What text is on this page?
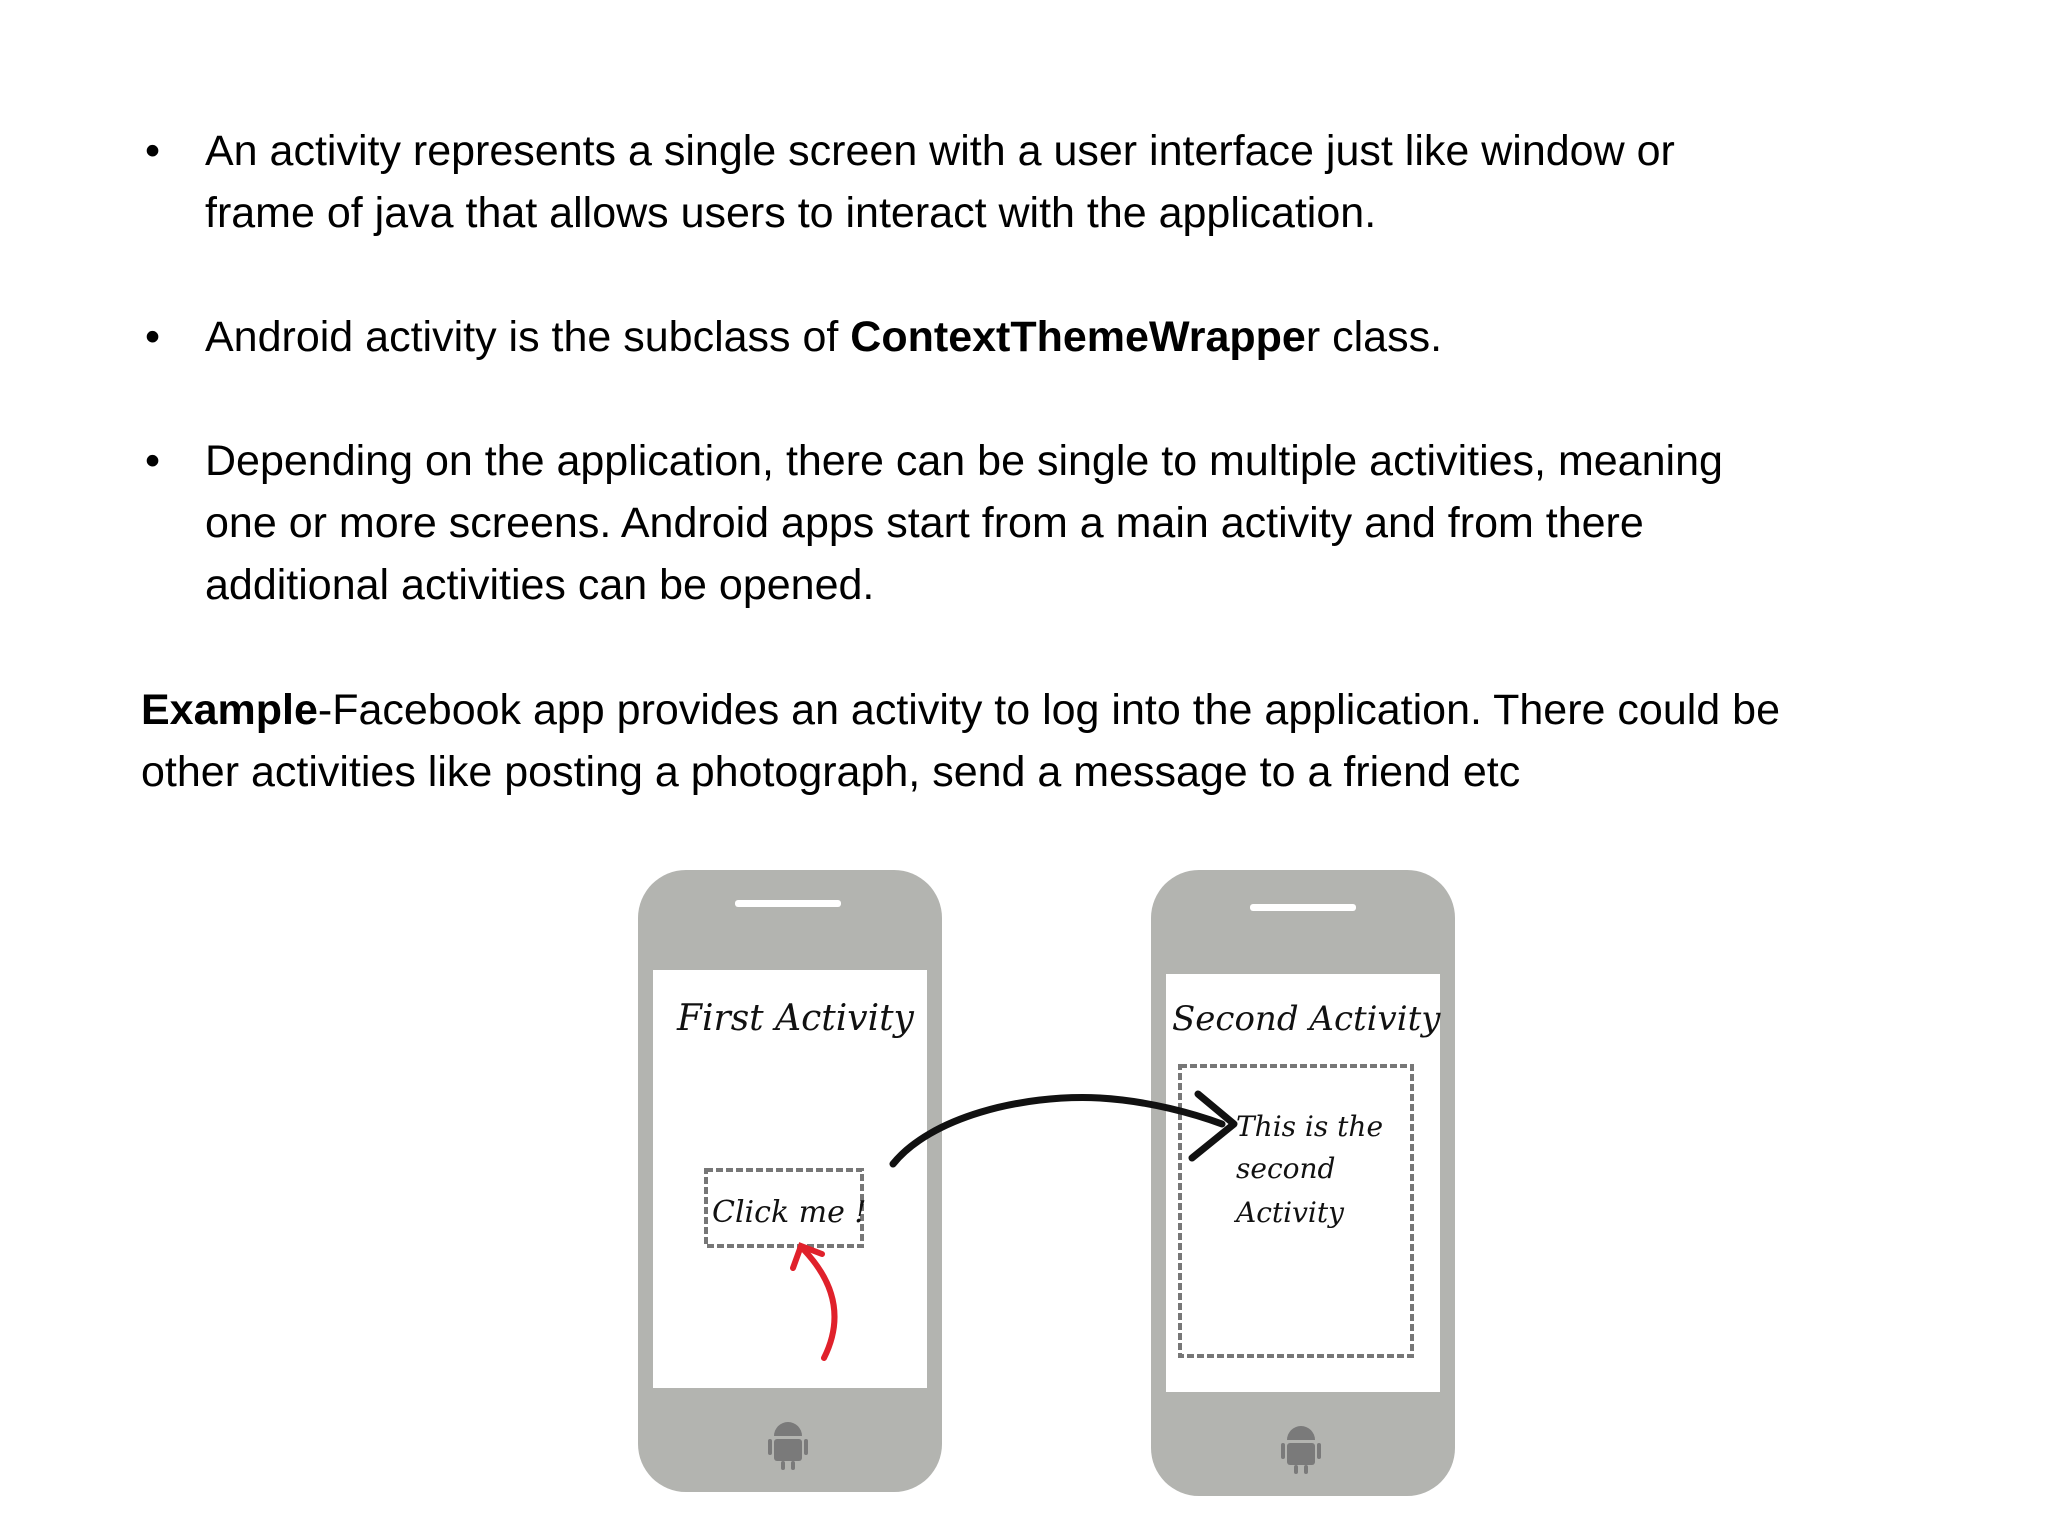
• An activity represents a single screen with a user interface just like window or
frame of java that allows users to interact with the application.
• Android activity is the subclass of ContextThemeWrapper class.
• Depending on the application, there can be single to multiple activities, meaning
one or more screens. Android apps start from a main activity and from there
additional activities can be opened.
Example-Facebook app provides an activity to log into the application. There could be
other activities like posting a photograph, send a message to a friend etc
First Activity
Click me !
Second Activity
This is the
second
Activity
